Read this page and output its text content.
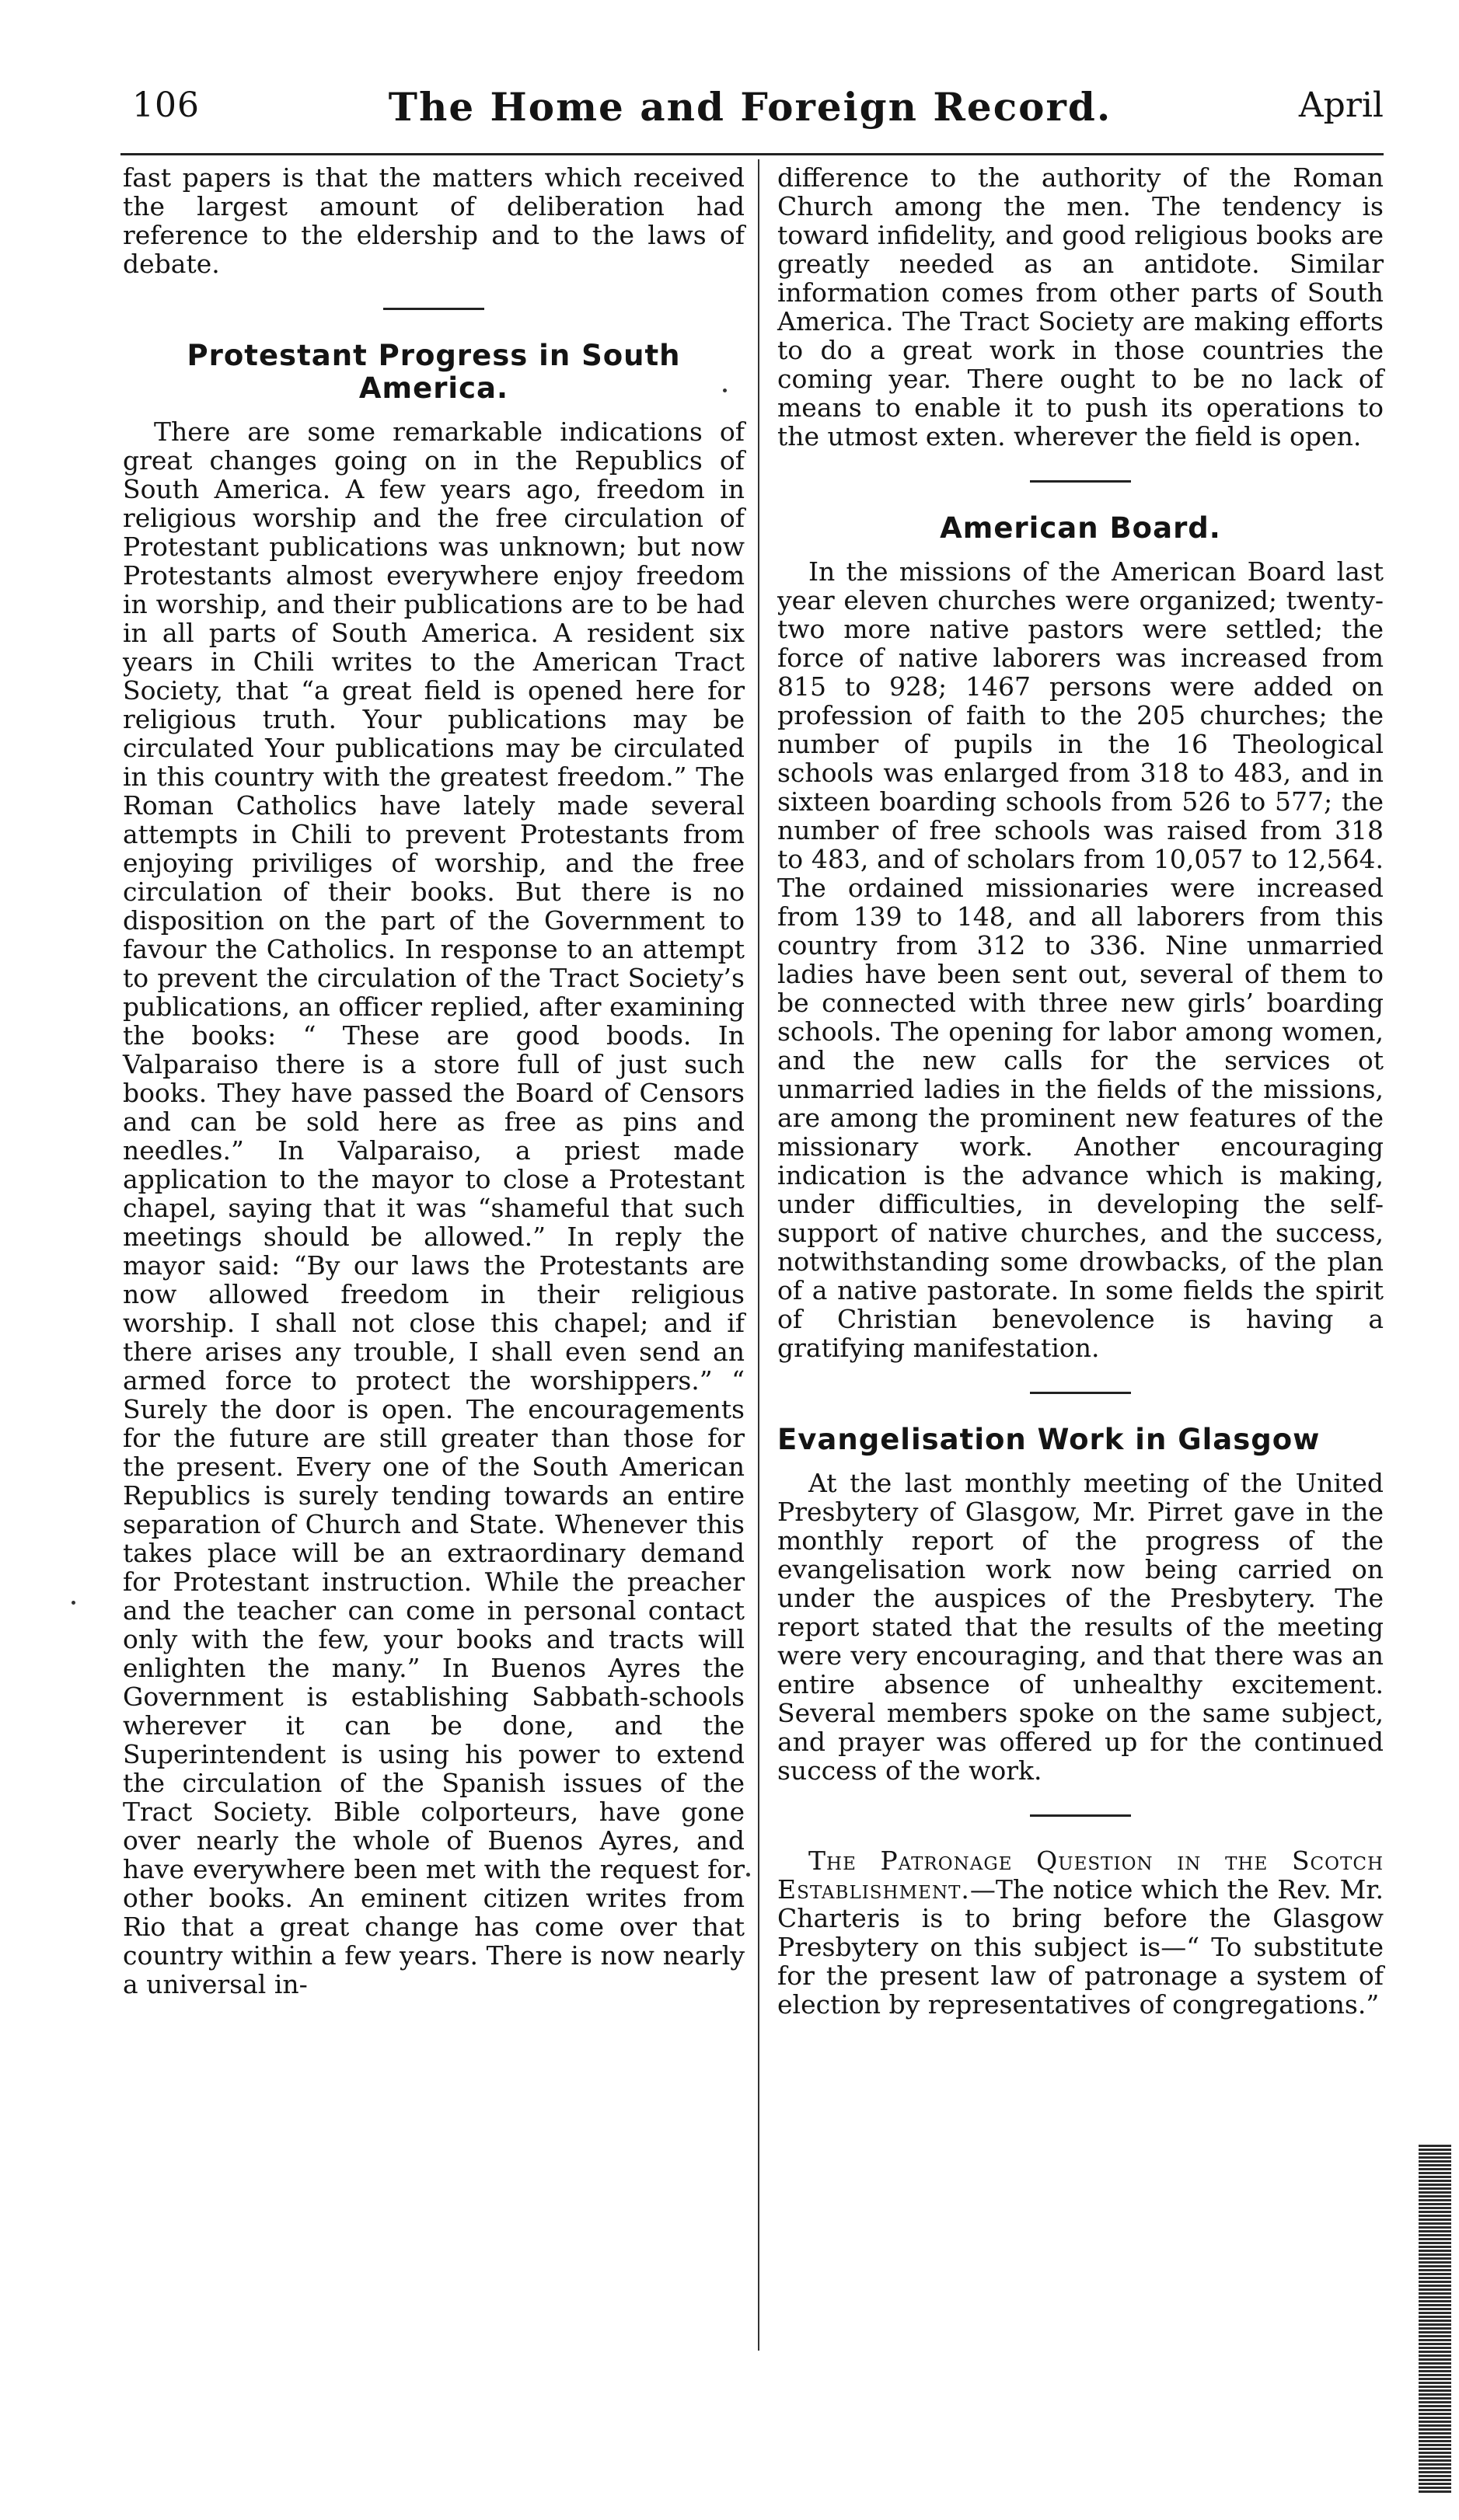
106	The Home and Foreign Record.	April

fast papers is that the matters which received the largest amount of deliberation had reference to the eldership and to the laws of debate.

Protestant Progress in South America.

There are some remarkable indications of great changes going on in the Republics of South America. A few years ago, freedom in religious worship and the free circulation of Protestant publications was unknown; but now Protestants almost everywhere enjoy freedom in worship, and their publications are to be had in all parts of South America. A resident six years in Chili writes to the American Tract Society, that “a great field is opened here for religious truth. Your publications may be circulated Your publications may be circulated in this country with the greatest freedom.” The Roman Catholics have lately made several attempts in Chili to prevent Protestants from enjoying priviliges of worship, and the free circulation of their books. But there is no disposition on the part of the Government to favour the Catholics. In response to an attempt to prevent the circulation of the Tract Society’s publications, an officer replied, after examining the books: “ These are good boods. In Valparaiso there is a store full of just such books. They have passed the Board of Censors and can be sold here as free as pins and needles.” In Valparaiso, a priest made application to the mayor to close a Protestant chapel, saying that it was “shameful that such meetings should be allowed.” In reply the mayor said: “By our laws the Protestants are now allowed freedom in their religious worship. I shall not close this chapel; and if there arises any trouble, I shall even send an armed force to protect the worshippers.” “ Surely the door is open. The encouragements for the future are still greater than those for the present. Every one of the South American Republics is surely tending towards an entire separation of Church and State. Whenever this takes place will be an extraordinary demand for Protestant instruction. While the preacher and the teacher can come in personal contact only with the few, your books and tracts will enlighten the many.” In Buenos Ayres the Government is establishing Sabbath-schools wherever it can be done, and the Superintendent is using his power to extend the circulation of the Spanish issues of the Tract Society. Bible colporteurs, have gone over nearly the whole of Buenos Ayres, and have everywhere been met with the request for other books. An eminent citizen writes from Rio that a great change has come over that country within a few years. There is now nearly a universal in-

difference to the authority of the Roman Church among the men. The tendency is toward infidelity, and good religious books are greatly needed as an antidote. Similar information comes from other parts of South America. The Tract Society are making efforts to do a great work in those countries the coming year. There ought to be no lack of means to enable it to push its operations to the utmost exten. wherever the field is open.

American Board.

In the missions of the American Board last year eleven churches were organized; twenty-two more native pastors were settled; the force of native laborers was increased from 815 to 928; 1467 persons were added on profession of faith to the 205 churches; the number of pupils in the 16 Theological schools was enlarged from 318 to 483, and in sixteen boarding schools from 526 to 577; the number of free schools was raised from 318 to 483, and of scholars from 10,057 to 12,564. The ordained missionaries were increased from 139 to 148, and all laborers from this country from 312 to 336. Nine unmarried ladies have been sent out, several of them to be connected with three new girls’ boarding schools. The opening for labor among women, and the new calls for the services ot unmarried ladies in the fields of the missions, are among the prominent new features of the missionary work. Another encouraging indication is the advance which is making, under difficulties, in developing the self-support of native churches, and the success, notwithstanding some drowbacks, of the plan of a native pastorate. In some fields the spirit of Christian benevolence is having a gratifying manifestation.

Evangelisation Work in Glasgow

At the last monthly meeting of the United Presbytery of Glasgow, Mr. Pirret gave in the monthly report of the progress of the evangelisation work now being carried on under the auspices of the Presbytery. The report stated that the results of the meeting were very encouraging, and that there was an entire absence of unhealthy excitement. Several members spoke on the same subject, and prayer was offered up for the continued success of the work.

The Patronage Question in the Scotch Establishment.—The notice which the Rev. Mr. Charteris is to bring before the Glasgow Presbytery on this subject is—“ To substitute for the present law of patronage a system of election by representatives of congregations.”
